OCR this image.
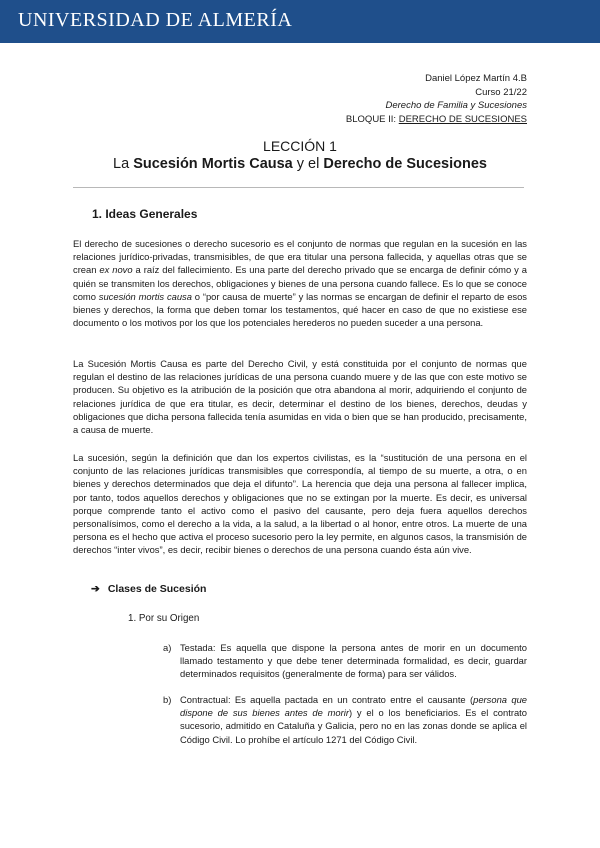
UNIVERSIDAD DE ALMERÍA
Daniel López Martín 4.B
Curso 21/22
Derecho de Familia y Sucesiones
BLOQUE II: DERECHO DE SUCESIONES
LECCIÓN 1
La Sucesión Mortis Causa y el Derecho de Sucesiones
1. Ideas Generales
El derecho de sucesiones o derecho sucesorio es el conjunto de normas que regulan en la sucesión en las relaciones jurídico-privadas, transmisibles, de que era titular una persona fallecida, y aquellas otras que se crean ex novo a raíz del fallecimiento. Es una parte del derecho privado que se encarga de definir cómo y a quién se transmiten los derechos, obligaciones y bienes de una persona cuando fallece. Es lo que se conoce como sucesión mortis causa o “por causa de muerte” y las normas se encargan de definir el reparto de esos bienes y derechos, la forma que deben tomar los testamentos, qué hacer en caso de que no existiese ese documento o los motivos por los que los potenciales herederos no pueden suceder a una persona.
La Sucesión Mortis Causa es parte del Derecho Civil, y está constituida por el conjunto de normas que regulan el destino de las relaciones jurídicas de una persona cuando muere y de las que con este motivo se producen. Su objetivo es la atribución de la posición que otra abandona al morir, adquiriendo el conjunto de relaciones jurídica de que era titular, es decir, determinar el destino de los bienes, derechos, deudas y obligaciones que dicha persona fallecida tenía asumidas en vida o bien que se han producido, precisamente, a causa de muerte.
La sucesión, según la definición que dan los expertos civilistas, es la “sustitución de una persona en el conjunto de las relaciones jurídicas transmisibles que correspondía, al tiempo de su muerte, a otra, o en bienes y derechos determinados que deja el difunto”. La herencia que deja una persona al fallecer implica, por tanto, todos aquellos derechos y obligaciones que no se extingan por la muerte. Es decir, es universal porque comprende tanto el activo como el pasivo del causante, pero deja fuera aquellos derechos personalísimos, como el derecho a la vida, a la salud, a la libertad o al honor, entre otros. La muerte de una persona es el hecho que activa el proceso sucesorio pero la ley permite, en algunos casos, la transmisión de derechos “inter vivos”, es decir, recibir bienes o derechos de una persona cuando ésta aún vive.
➔ Clases de Sucesión
1. Por su Origen
a) Testada: Es aquella que dispone la persona antes de morir en un documento llamado testamento y que debe tener determinada formalidad, es decir, guardar determinados requisitos (generalmente de forma) para ser válidos.
b) Contractual: Es aquella pactada en un contrato entre el causante (persona que dispone de sus bienes antes de morir) y el o los beneficiarios. Es el contrato sucesorio, admitido en Cataluña y Galicia, pero no en las zonas donde se aplica el Código Civil. Lo prohíbe el artículo 1271 del Código Civil.
